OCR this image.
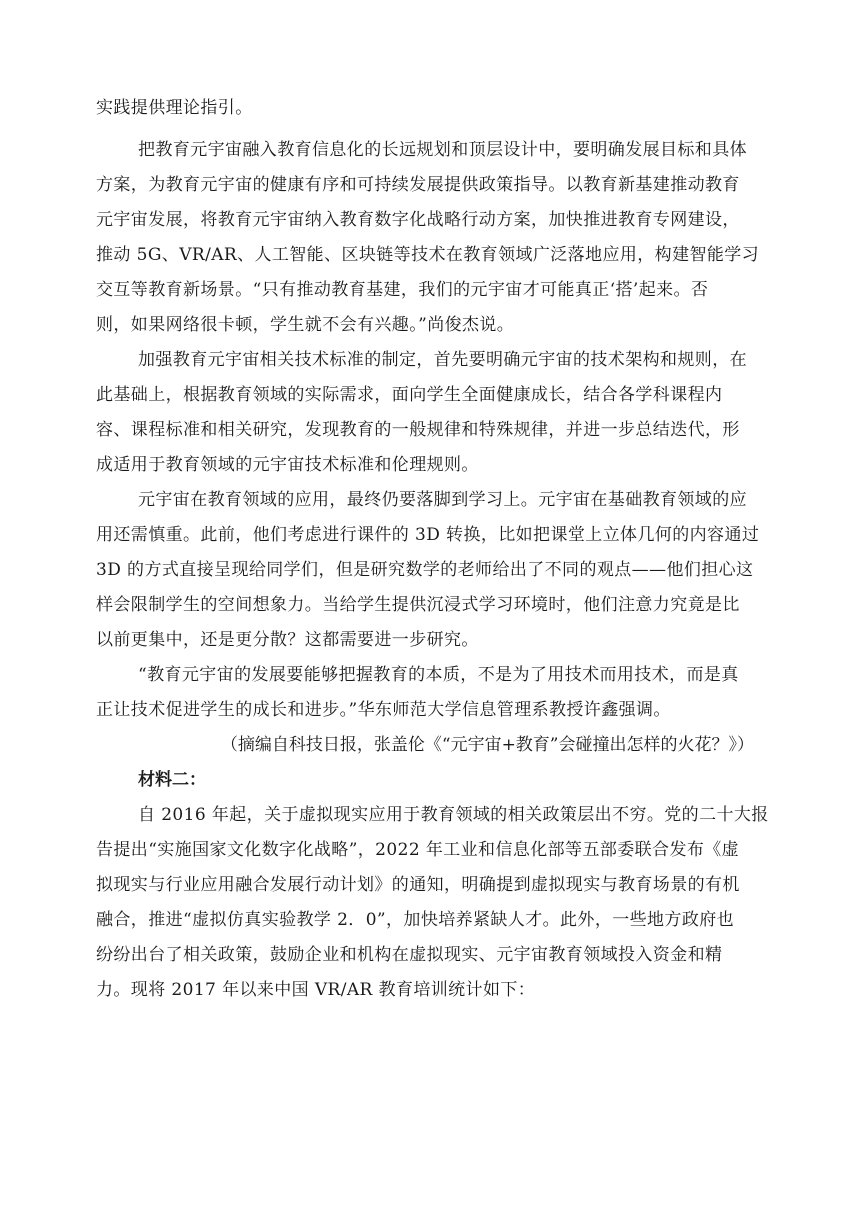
实践提供理论指引。
把教育元宇宙融入教育信息化的长远规划和顶层设计中，要明确发展目标和具体
方案，为教育元宇宙的健康有序和可持续发展提供政策指导。以教育新基建推动教育
元宇宙发展，将教育元宇宙纳入教育数字化战略行动方案，加快推进教育专网建设，
推动 5G、VR/AR、人工智能、区块链等技术在教育领域广泛落地应用，构建智能学习
交互等教育新场景。“只有推动教育基建，我们的元宇宙才可能真正‘搭’起来。否
则，如果网络很卡顿，学生就不会有兴趣。”尚俊杰说。
加强教育元宇宙相关技术标准的制定，首先要明确元宇宙的技术架构和规则，在
此基础上，根据教育领域的实际需求，面向学生全面健康成长，结合各学科课程内
容、课程标准和相关研究，发现教育的一般规律和特殊规律，并进一步总结迭代，形
成适用于教育领域的元宇宙技术标准和伦理规则。
元宇宙在教育领域的应用，最终仍要落脚到学习上。元宇宙在基础教育领域的应
用还需慎重。此前，他们考虑进行课件的 3D 转换，比如把课堂上立体几何的内容通过
3D 的方式直接呈现给同学们，但是研究数学的老师给出了不同的观点——他们担心这
样会限制学生的空间想象力。当给学生提供沉浸式学习环境时，他们注意力究竟是比
以前更集中，还是更分散？这都需要进一步研究。
“教育元宇宙的发展要能够把握教育的本质，不是为了用技术而用技术，而是真
正让技术促进学生的成长和进步。”华东师范大学信息管理系教授许鑫强调。
（摘编自科技日报，张盖伦《“元宇宙+教育”会碰撞出怎样的火花？》）
材料二：
自 2016 年起，关于虚拟现实应用于教育领域的相关政策层出不穷。党的二十大报
告提出“实施国家文化数字化战略”，2022 年工业和信息化部等五部委联合发布《虚
拟现实与行业应用融合发展行动计划》的通知，明确提到虚拟现实与教育场景的有机
融合，推进“虚拟仿真实验教学 2．0”，加快培养紧缺人才。此外，一些地方政府也
纷纷出台了相关政策，鼓励企业和机构在虚拟现实、元宇宙教育领域投入资金和精
力。现将 2017 年以来中国 VR/AR 教育培训统计如下：
